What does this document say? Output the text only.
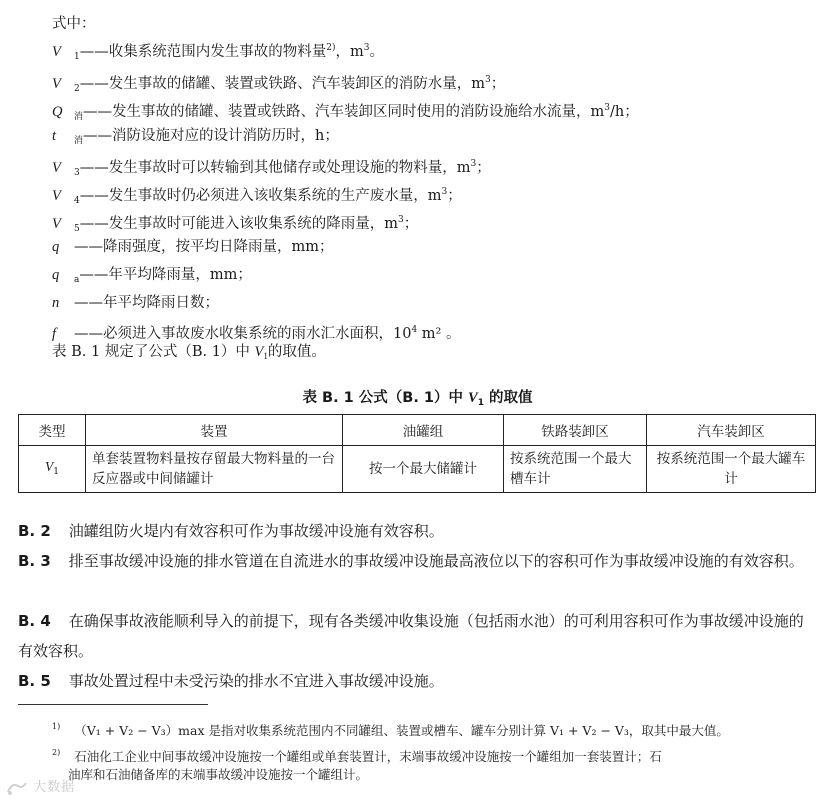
式中：
V $_1$——收集系统范围内发生事故的物料量$^{2)}$，$m^3$。
V $_2$——发生事故的储罐、装置或铁路、汽车装卸区的消防水量，$m^3$；
Q $_消$——发生事故的储罐、装置或铁路、汽车装卸区同时使用的消防设施给水流量，$m^3/h$；
t $_消$——消防设施对应的设计消防历时，h；
V $_3$——发生事故时可以转输到其他储存或处理设施的物料量，$m^3$；
V $_4$——发生事故时仍必须进入该收集系统的生产废水量，$m^3$；
V $_5$——发生事故时可能进入该收集系统的降雨量，$m^3$；
q ——降雨强度，按平均日降雨量，mm；
q $_a$——年平均降雨量，mm；
n ——年平均降雨日数；
f ——必须进入事故废水收集系统的雨水汇水面积，$10^4$ m² 。
表 B. 1 规定了公式（B. 1）中 $V_1$的取值。
表 B. 1 公式（B. 1）中 $V_1$ 的取值
类型	装置	油罐组	铁路装卸区	汽车装卸区
$V_1$	单套装置物料量按存留最大物料量的一台反应器或中间储罐计	按一个最大储罐计	按系统范围一个最大槽车计	按系统范围一个最大罐车计
B. 2 油罐组防火堤内有效容积可作为事故缓冲设施有效容积。
B. 3 排至事故缓冲设施的排水管道在自流进水的事故缓冲设施最高液位以下的容积可作为事故缓冲设施的有效容积。
B. 4 在确保事故液能顺利导入的前提下，现有各类缓冲收集设施（包括雨水池）的可利用容积可作为事故缓冲设施的有效容积。
B. 5 事故处置过程中未受污染的排水不宜进入事故缓冲设施。
$^{1)}$ （V₁ + V₂ − V₃）max 是指对收集系统范围内不同罐组、装置或槽车、罐车分别计算 V₁ + V₂ − V₃，取其中最大值。
$^{2)}$ 石油化工企业中间事故缓冲设施按一个罐组或单套装置计，末端事故缓冲设施按一个罐组加一套装置计；石
油库和石油储备库的末端事故缓冲设施按一个罐组计。
大数据
